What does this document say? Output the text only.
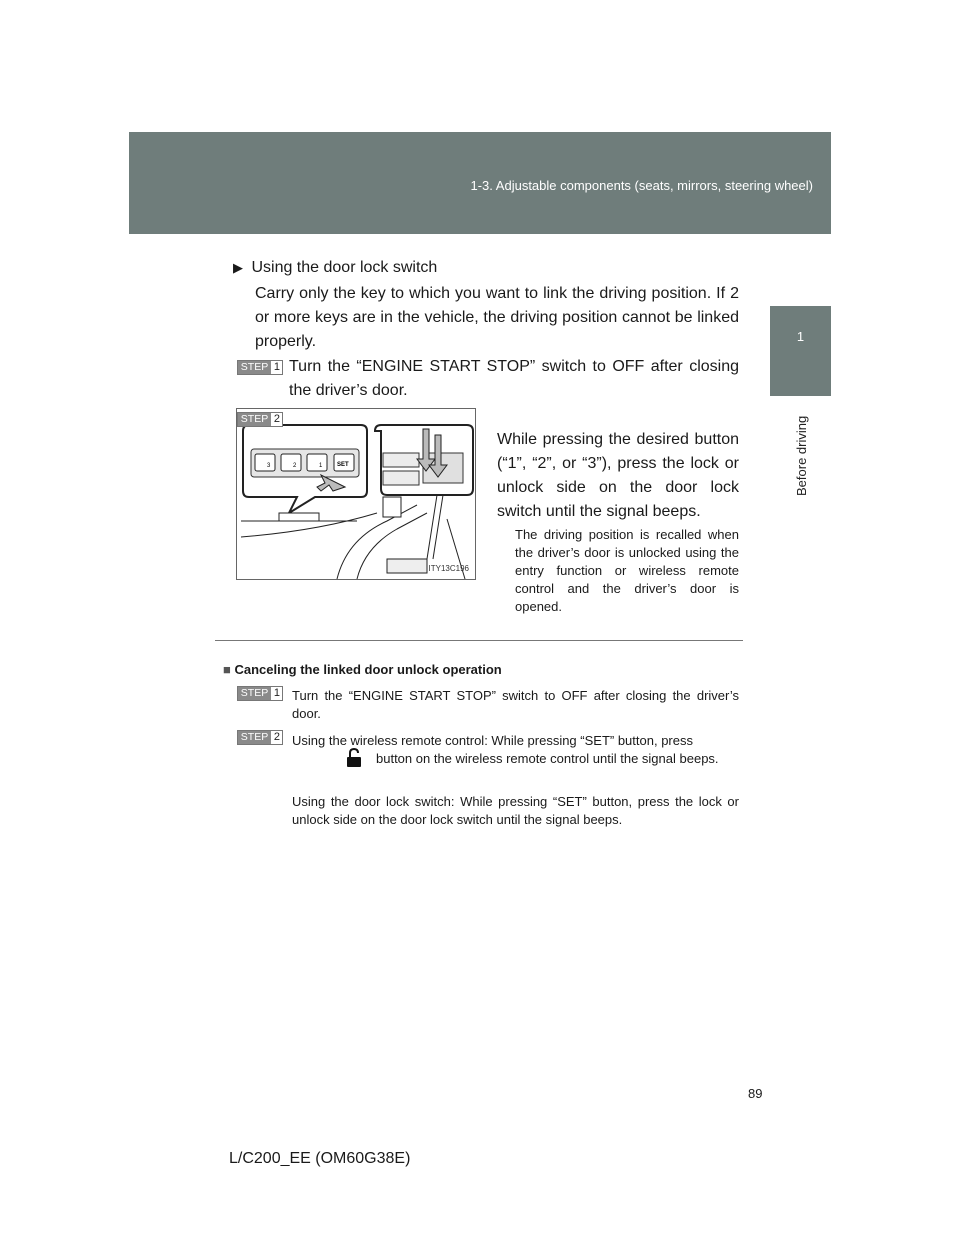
1-3. Adjustable components (seats, mirrors, steering wheel)
1
Before driving
▶ Using the door lock switch
Carry only the key to which you want to link the driving position. If 2 or more keys are in the vehicle, the driving position cannot be linked properly.
STEP 1 Turn the “ENGINE START STOP” switch to OFF after closing the driver’s door.
STEP 2
3	2	1 SET
ITY13C196
While pressing the desired button (“1”, “2”, or “3”), press the lock or unlock side on the door lock switch until the signal beeps.
The driving position is recalled when the driver’s door is unlocked using the entry function or wireless remote control and the driver’s door is opened.
■ Canceling the linked door unlock operation
STEP 1 Turn the “ENGINE START STOP” switch to OFF after closing the driver’s door.
STEP 2 Using the wireless remote control: While pressing “SET” button, press
button on the wireless remote control until the signal beeps.
Using the door lock switch: While pressing “SET” button, press the lock or unlock side on the door lock switch until the signal beeps.
89
L/C200_EE (OM60G38E)
